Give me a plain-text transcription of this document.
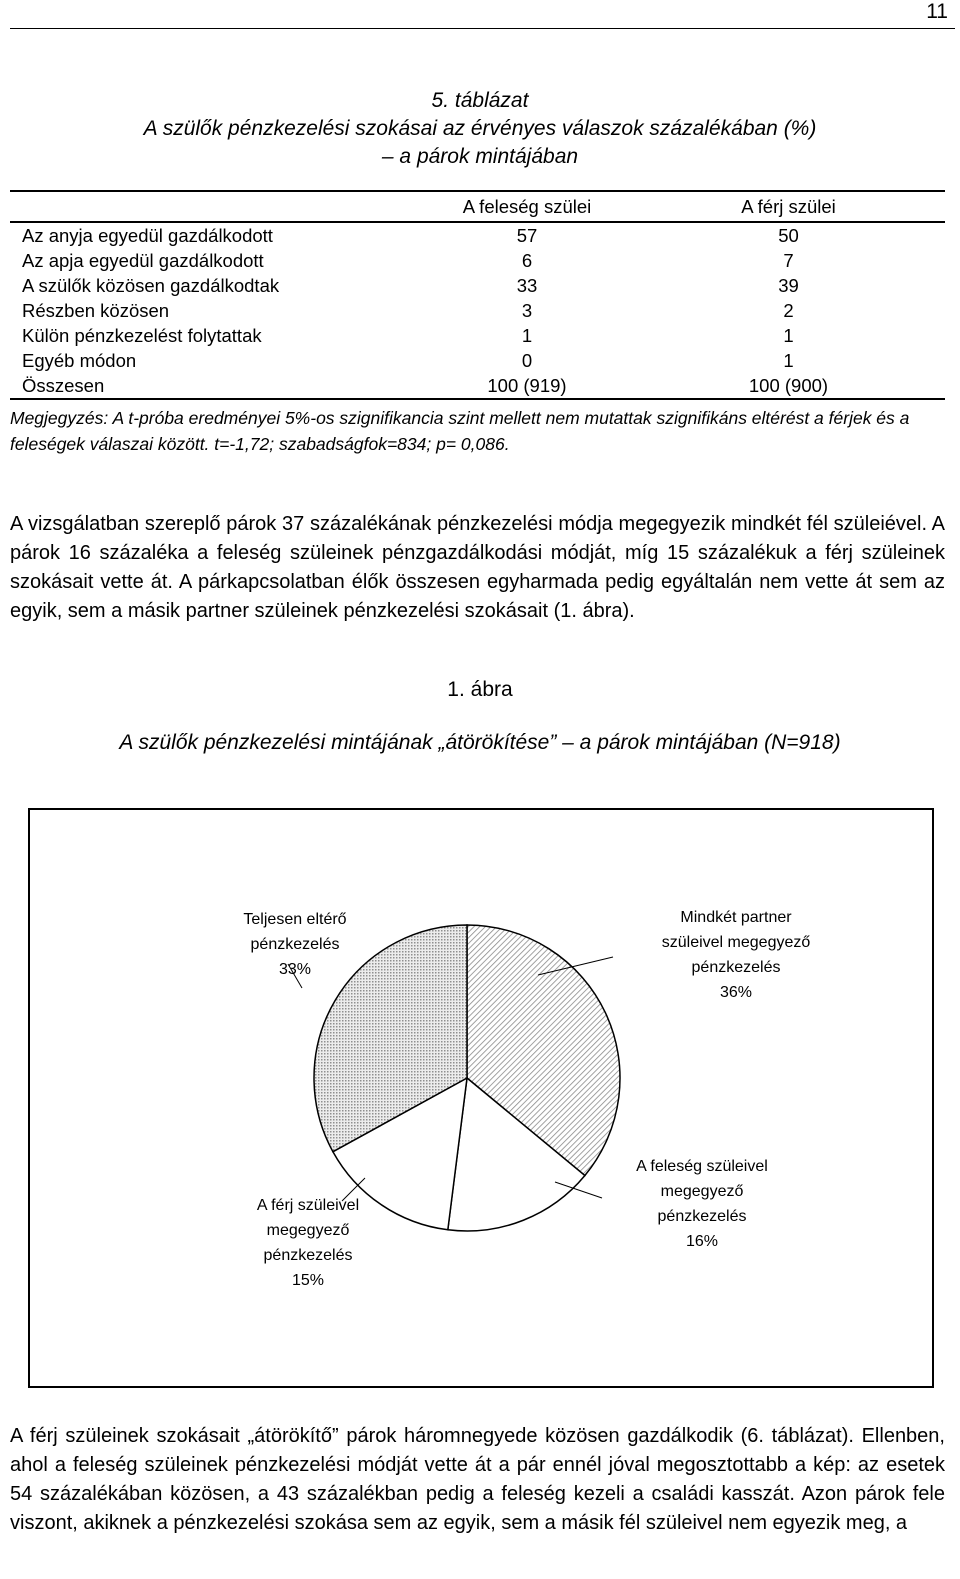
11
5. táblázat
A szülők pénzkezelési szokásai az érvényes válaszok százalékában (%)
– a párok mintájában
	A feleség szülei	A férj szülei
Az anyja egyedül gazdálkodott	57	50
Az apja egyedül gazdálkodott	6	7
A szülők közösen gazdálkodtak	33	39
Részben közösen	3	2
Külön pénzkezelést folytattak	1	1
Egyéb módon	0	1
Összesen	100 (919)	100 (900)
Megjegyzés: A t-próba eredményei 5%-os szignifikancia szint mellett nem mutattak szignifikáns eltérést a férjek és a feleségek válaszai között. t=-1,72; szabadságfok=834; p= 0,086.

A vizsgálatban szereplő párok 37 százalékának pénzkezelési módja megegyezik mindkét fél szüleiével. A párok 16 százaléka a feleség szüleinek pénzgazdálkodási módját, míg 15 százalékuk a férj szüleinek szokásait vette át. A párkapcsolatban élők összesen egyharmada pedig egyáltalán nem vette át sem az egyik, sem a másik partner szüleinek pénzkezelési szokásait (1. ábra).

1. ábra
A szülők pénzkezelési mintájának „átörökítése” – a párok mintájában (N=918)
Mindkét partner
szüleivel megegyező
pénzkezelés
36%
Teljesen eltérő
pénzkezelés
33%
A feleség szüleivel
megegyező
pénzkezelés
16%
A férj szüleivel
megegyező
pénzkezelés
15%

A férj szüleinek szokásait „átörökítő” párok háromnegyede közösen gazdálkodik (6. táblázat). Ellenben, ahol a feleség szüleinek pénzkezelési módját vette át a pár ennél jóval megosztottabb a kép: az esetek 54 százalékában közösen, a 43 százalékban pedig a feleség kezeli a családi kasszát. Azon párok fele viszont, akiknek a pénzkezelési szokása sem az egyik, sem a másik fél szüleivel nem egyezik meg, a
